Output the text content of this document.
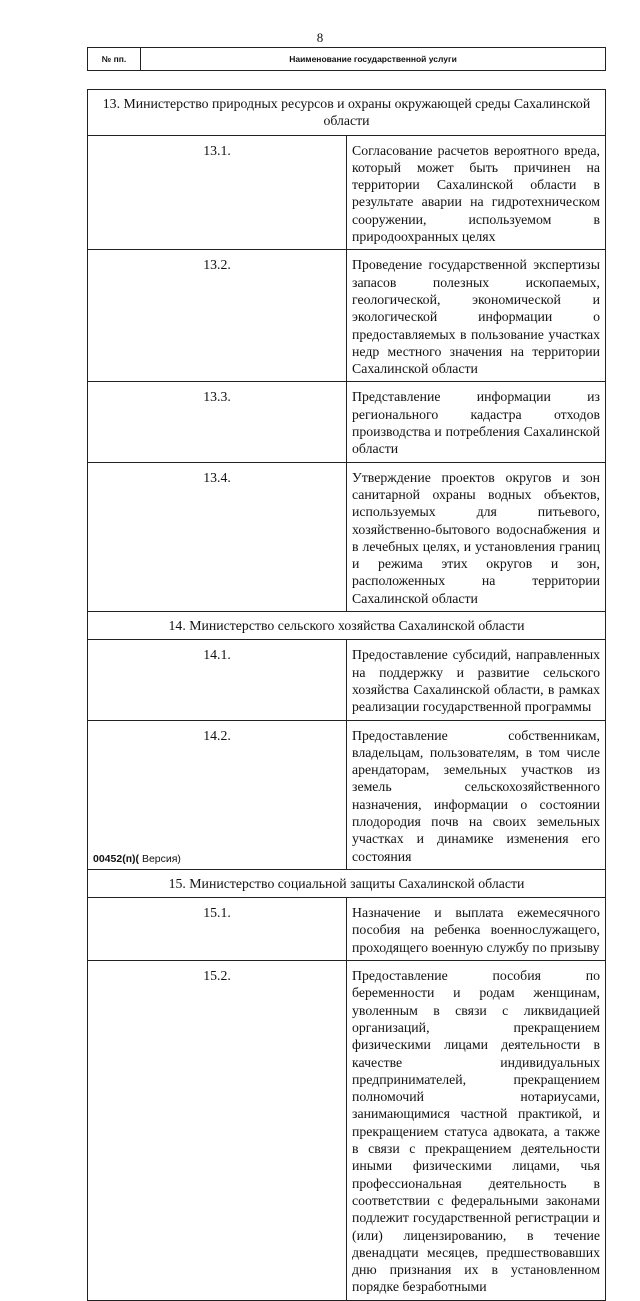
8
№ пп.	Наименование государственной услуги
13. Министерство природных ресурсов и охраны окружающей среды Сахалинской области	
13.1.	Согласование расчетов вероятного вреда, который может быть причинен на территории Сахалинской области в результате аварии на гидротехническом сооружении, используемом в природоохранных целях
13.2.	Проведение государственной экспертизы запасов полезных ископаемых, геологической, экономической и экологической информации о предоставляемых в пользование участках недр местного значения на территории Сахалинской области
13.3.	Представление информации из регионального кадастра отходов производства и потребления Сахалинской области
13.4.	Утверждение проектов округов и зон санитарной охраны водных объектов, используемых для питьевого, хозяйственно-бытового водоснабжения и в лечебных целях, и установления границ и режима этих округов и зон, расположенных на территории Сахалинской области
14. Министерство сельского хозяйства Сахалинской области	
14.1.	Предоставление субсидий, направленных на поддержку и развитие сельского хозяйства Сахалинской области, в рамках реализации государственной программы
14.2.	Предоставление собственникам, владельцам, пользователям, в том числе арендаторам, земельных участков из земель сельскохозяйственного назначения, информации о состоянии плодородия почв на своих земельных участках и динамике изменения его состояния
15. Министерство социальной защиты Сахалинской области	
15.1.	Назначение и выплата ежемесячного пособия на ребенка военнослужащего, проходящего военную службу по призыву
15.2.	Предоставление пособия по беременности и родам женщинам, уволенным в связи с ликвидацией организаций, прекращением физическими лицами деятельности в качестве индивидуальных предпринимателей, прекращением полномочий нотариусами, занимающимися частной практикой, и прекращением статуса адвоката, а также в связи с прекращением деятельности иными физическими лицами, чья профессиональная деятельность в соответствии с федеральными законами подлежит государственной регистрации и (или) лицензированию, в течение двенадцати месяцев, предшествовавших дню признания их в установленном порядке безработными
00452(п)( Версия)
